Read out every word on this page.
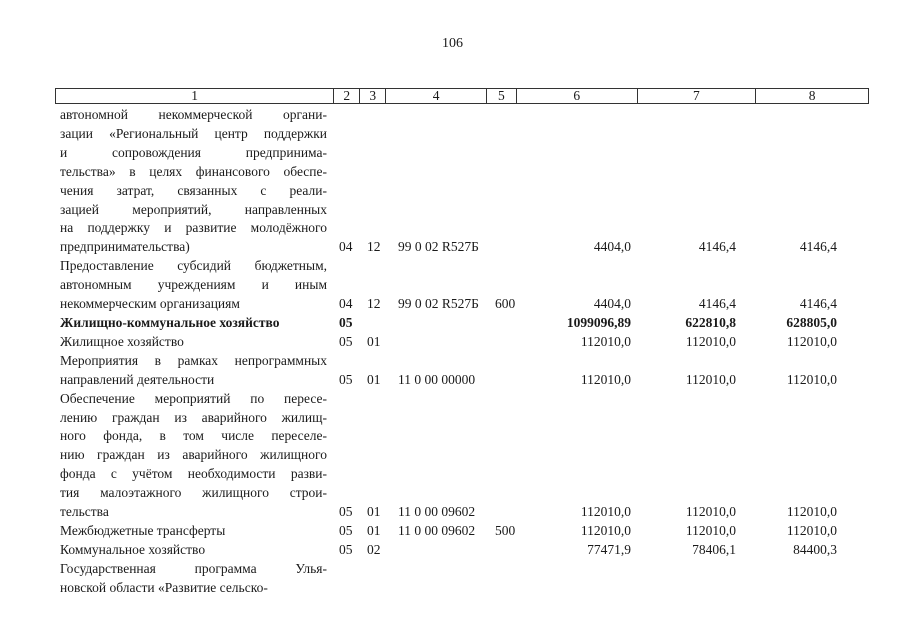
106
1	2	3	4	5	6	7	8
автономной некоммерческой органи-
зации «Региональный центр поддержки
и сопровождения предпринима-
тельства» в целях финансового обеспе-
чения затрат, связанных с реали-
зацией мероприятий, направленных
на поддержку и развитие молодёжного
предпринимательства)	04 12 99 0 02 R527Б	4404,0	4146,4	4146,4
Предоставление субсидий бюджетным,
автономным учреждениям и иным
некоммерческим организациям	04 12 99 0 02 R527Б 600	4404,0	4146,4	4146,4
Жилищно-коммунальное хозяйство	05	1099096,89	622810,8	628805,0
Жилищное хозяйство	05 01	112010,0	112010,0	112010,0
Мероприятия в рамках непрограммных
направлений деятельности	05 01 11 0 00 00000	112010,0	112010,0	112010,0
Обеспечение мероприятий по пересе-
лению граждан из аварийного жилищ-
ного фонда, в том числе переселе-
нию граждан из аварийного жилищного
фонда с учётом необходимости разви-
тия малоэтажного жилищного строи-
тельства	05 01 11 0 00 09602	112010,0	112010,0	112010,0
Межбюджетные трансферты	05 01 11 0 00 09602 500	112010,0	112010,0	112010,0
Коммунальное хозяйство	05 02	77471,9	78406,1	84400,3
Государственная программа Улья-
новской области «Развитие сельско-
